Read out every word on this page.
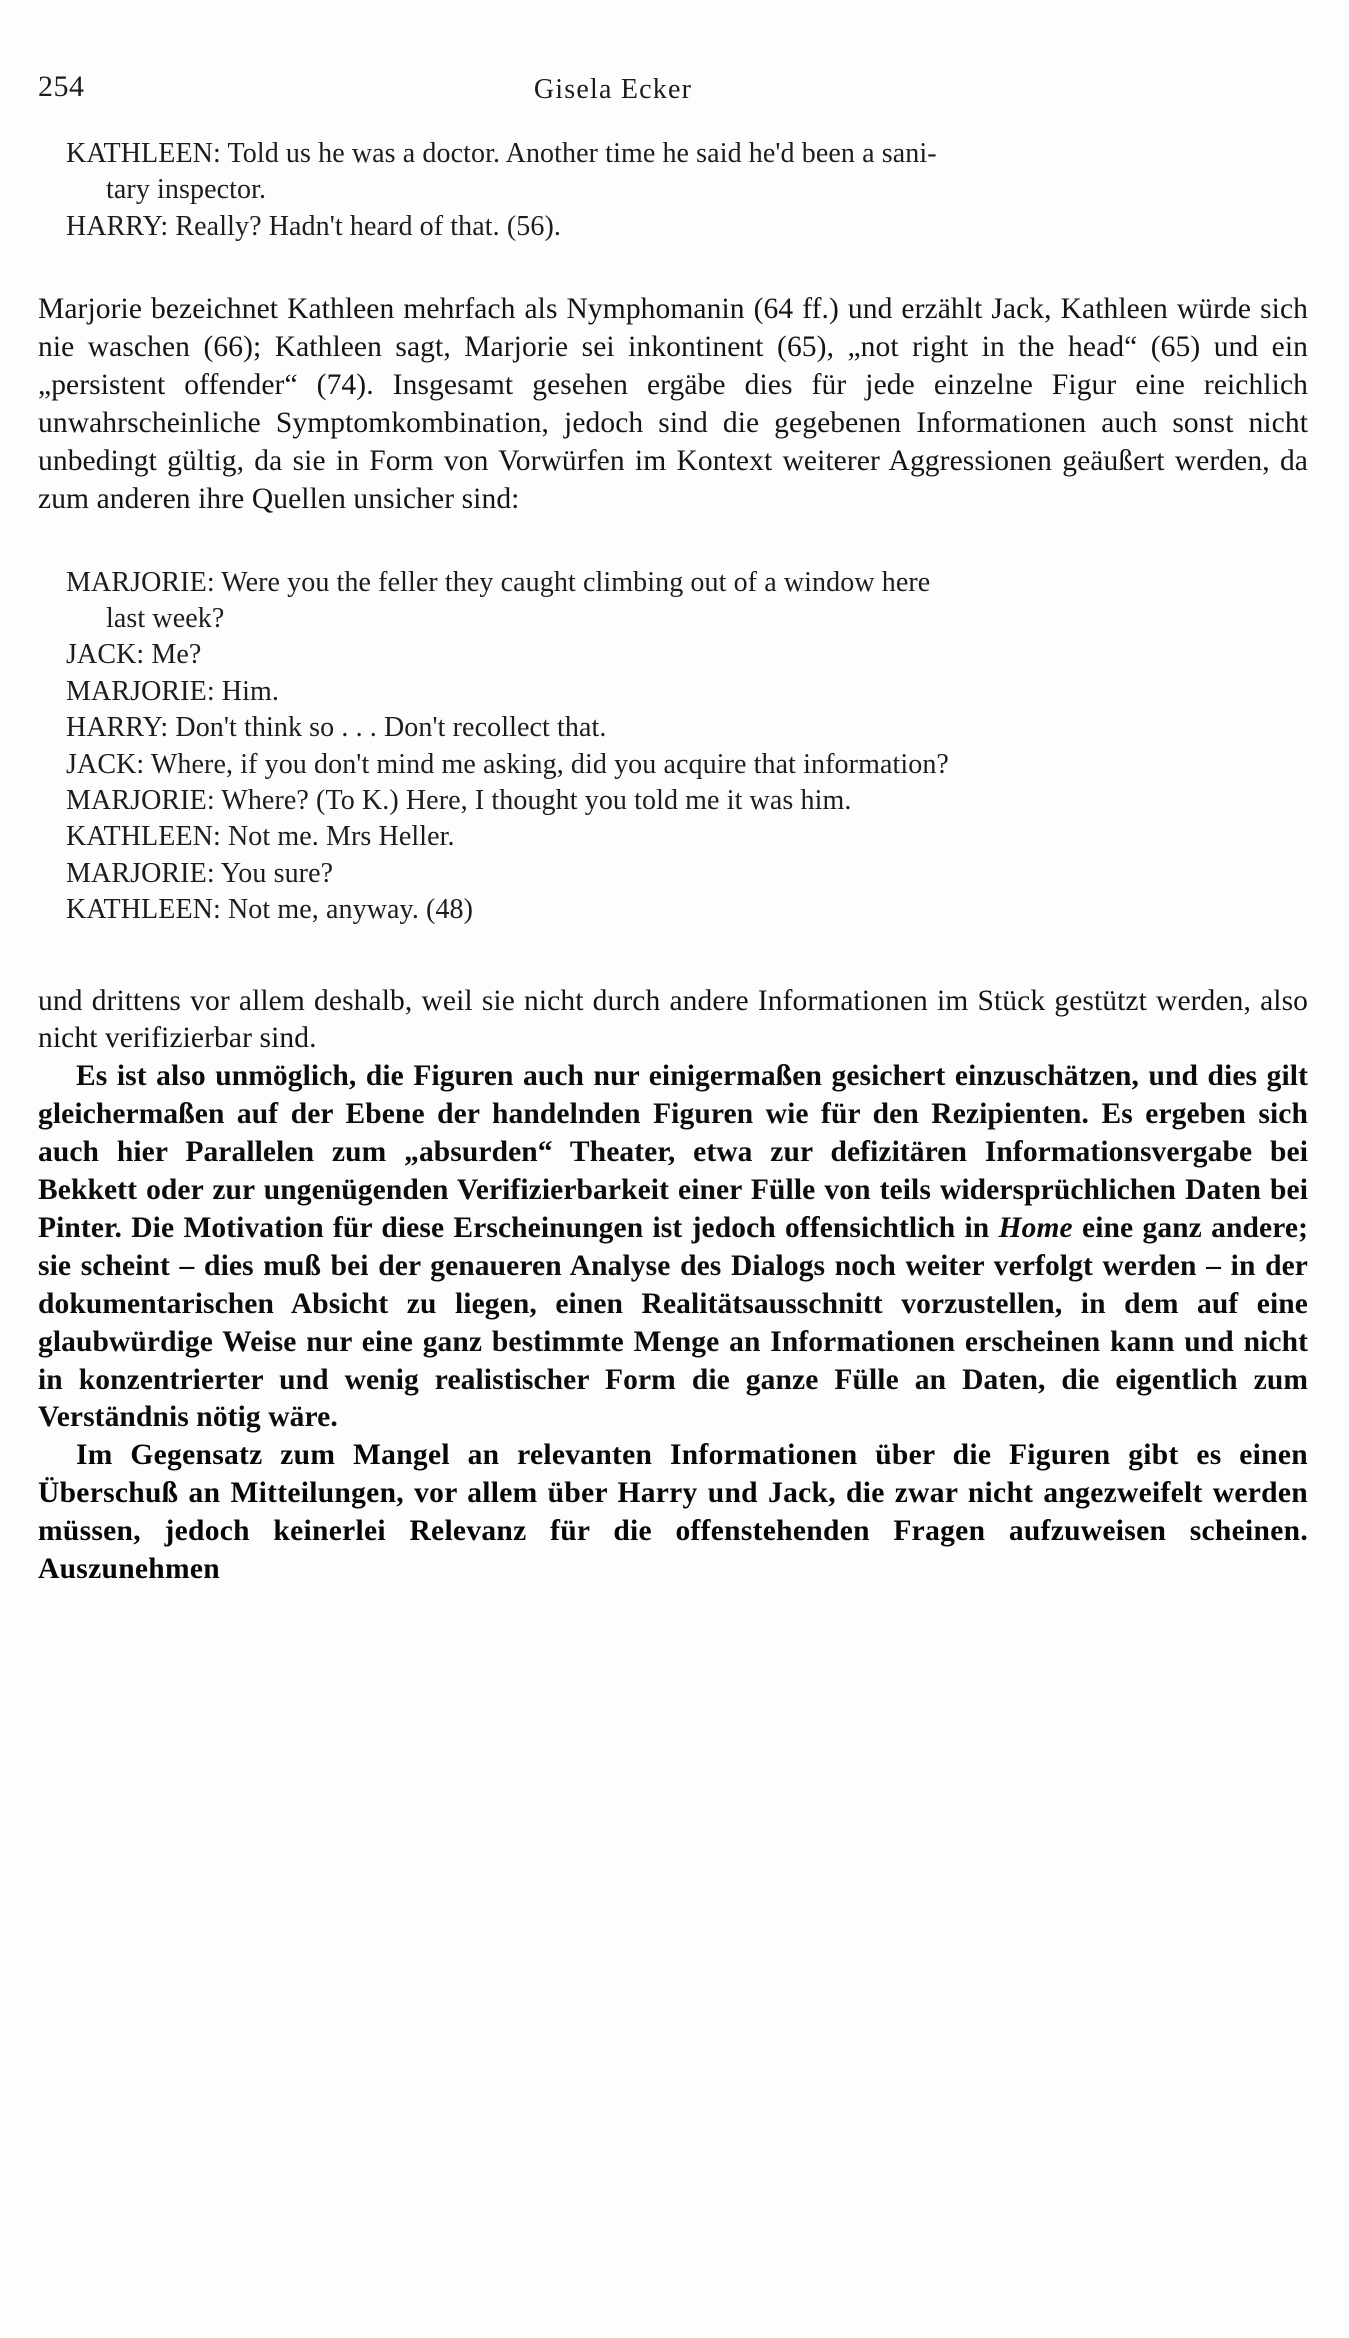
254	Gisela Ecker
KATHLEEN: Told us he was a doctor. Another time he said he'd been a sani-
tary inspector.
HARRY: Really? Hadn't heard of that. (56).
Marjorie bezeichnet Kathleen mehrfach als Nymphomanin (64 ff.) und erzählt Jack, Kathleen würde sich nie waschen (66); Kathleen sagt, Marjorie sei inkontinent (65), „not right in the head“ (65) und ein „persistent offender“ (74). Insgesamt gesehen ergäbe dies für jede einzelne Figur eine reichlich unwahrscheinliche Symptomkombination, jedoch sind die gegebenen Informationen auch sonst nicht unbedingt gültig, da sie in Form von Vorwürfen im Kontext weiterer Aggressionen geäußert werden, da zum anderen ihre Quellen unsicher sind:
MARJORIE: Were you the feller they caught climbing out of a window here
last week?
JACK: Me?
MARJORIE: Him.
HARRY: Don't think so . . . Don't recollect that.
JACK: Where, if you don't mind me asking, did you acquire that information?
MARJORIE: Where? (To K.) Here, I thought you told me it was him.
KATHLEEN: Not me. Mrs Heller.
MARJORIE: You sure?
KATHLEEN: Not me, anyway. (48)
und drittens vor allem deshalb, weil sie nicht durch andere Informationen im Stück gestützt werden, also nicht verifizierbar sind.
Es ist also unmöglich, die Figuren auch nur einigermaßen gesichert einzuschätzen, und dies gilt gleichermaßen auf der Ebene der handelnden Figuren wie für den Rezipienten. Es ergeben sich auch hier Parallelen zum „absurden“ Theater, etwa zur defizitären Informationsvergabe bei Bekkett oder zur ungenügenden Verifizierbarkeit einer Fülle von teils widersprüchlichen Daten bei Pinter. Die Motivation für diese Erscheinungen ist jedoch offensichtlich in Home eine ganz andere; sie scheint – dies muß bei der genaueren Analyse des Dialogs noch weiter verfolgt werden – in der dokumentarischen Absicht zu liegen, einen Realitätsausschnitt vorzustellen, in dem auf eine glaubwürdige Weise nur eine ganz bestimmte Menge an Informationen erscheinen kann und nicht in konzentrierter und wenig realistischer Form die ganze Fülle an Daten, die eigentlich zum Verständnis nötig wäre.
Im Gegensatz zum Mangel an relevanten Informationen über die Figuren gibt es einen Überschuß an Mitteilungen, vor allem über Harry und Jack, die zwar nicht angezweifelt werden müssen, jedoch keinerlei Relevanz für die offenstehenden Fragen aufzuweisen scheinen. Auszunehmen
